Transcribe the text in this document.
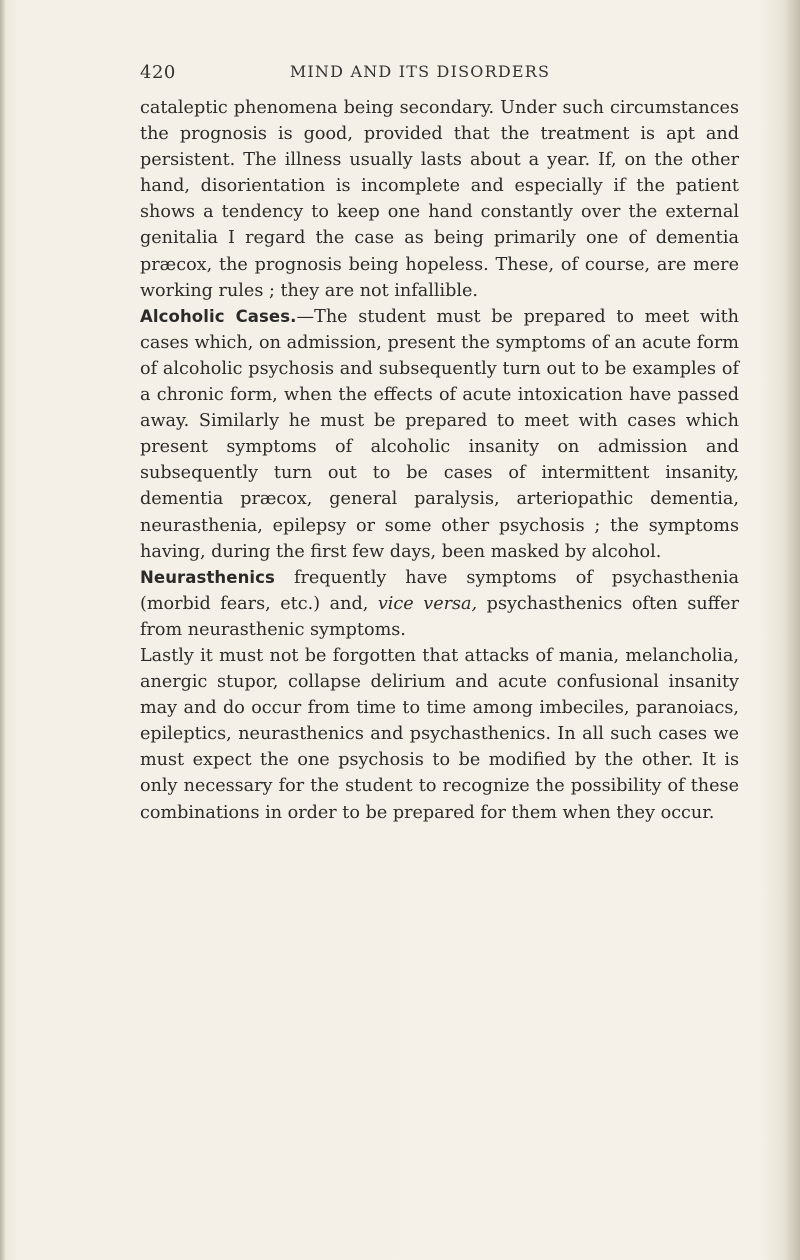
420	MIND AND ITS DISORDERS

cataleptic phenomena being secondary. Under such circumstances the prognosis is good, provided that the treatment is apt and persistent. The illness usually lasts about a year. If, on the other hand, disorientation is incomplete and especially if the patient shows a tendency to keep one hand constantly over the external genitalia I regard the case as being primarily one of dementia præcox, the prognosis being hopeless. These, of course, are mere working rules ; they are not infallible.

Alcoholic Cases.—The student must be prepared to meet with cases which, on admission, present the symptoms of an acute form of alcoholic psychosis and subsequently turn out to be examples of a chronic form, when the effects of acute intoxication have passed away. Similarly he must be prepared to meet with cases which present symptoms of alcoholic insanity on admission and subsequently turn out to be cases of intermittent insanity, dementia præcox, general paralysis, arteriopathic dementia, neurasthenia, epilepsy or some other psychosis ; the symptoms having, during the first few days, been masked by alcohol.

Neurasthenics frequently have symptoms of psychasthenia (morbid fears, etc.) and, vice versa, psychasthenics often suffer from neurasthenic symptoms.

Lastly it must not be forgotten that attacks of mania, melancholia, anergic stupor, collapse delirium and acute confusional insanity may and do occur from time to time among imbeciles, paranoiacs, epileptics, neurasthenics and psychasthenics. In all such cases we must expect the one psychosis to be modified by the other. It is only necessary for the student to recognize the possibility of these combinations in order to be prepared for them when they occur.
